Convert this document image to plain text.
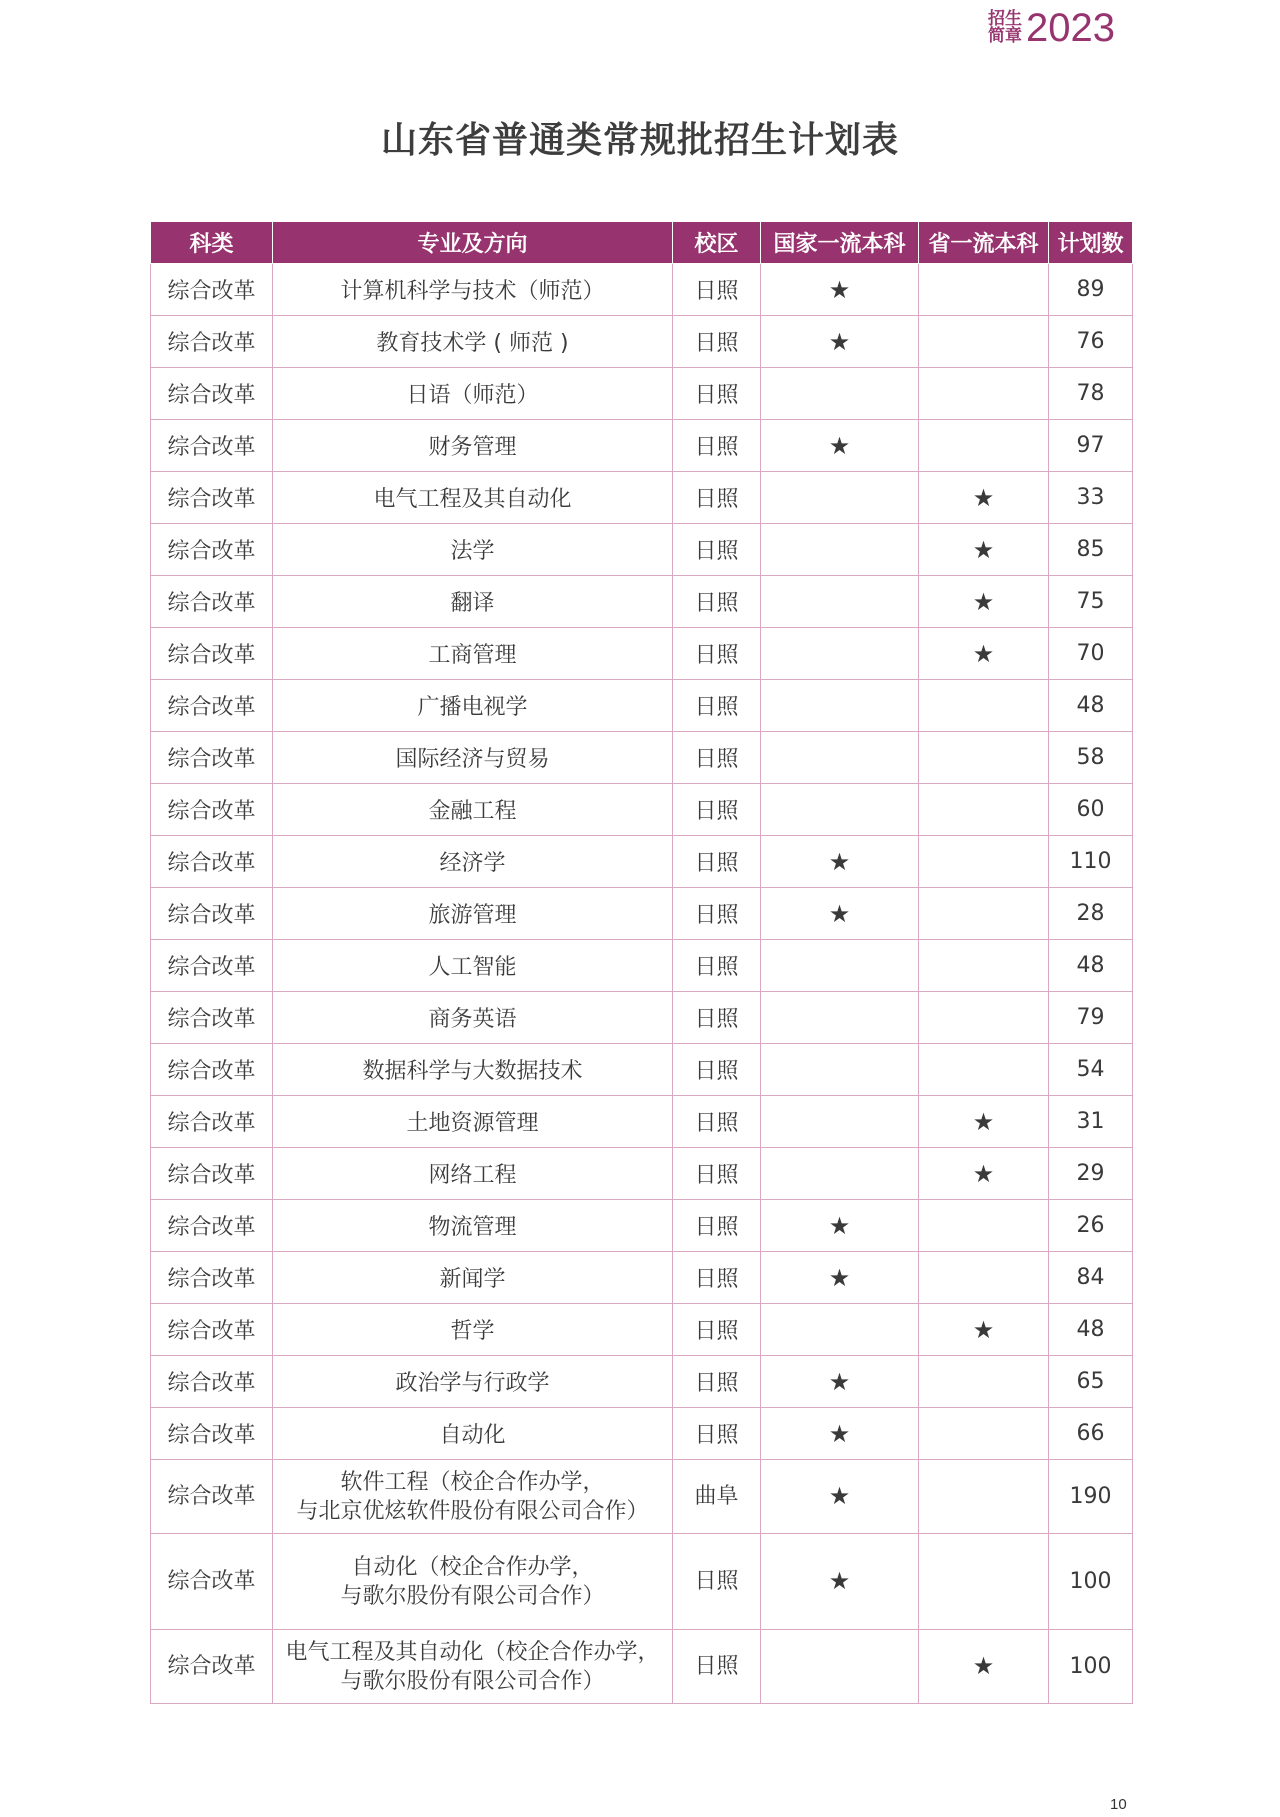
招生
简章 2023
山东省普通类常规批招生计划表
科类	专业及方向	校区	国家一流本科	省一流本科	计划数
综合改革	计算机科学与技术（师范）	日照	★		89
综合改革	教育技术学 ( 师范 )	日照	★		76
综合改革	日语（师范）	日照			78
综合改革	财务管理	日照	★		97
综合改革	电气工程及其自动化	日照		★	33
综合改革	法学	日照		★	85
综合改革	翻译	日照		★	75
综合改革	工商管理	日照		★	70
综合改革	广播电视学	日照			48
综合改革	国际经济与贸易	日照			58
综合改革	金融工程	日照			60
综合改革	经济学	日照	★		110
综合改革	旅游管理	日照	★		28
综合改革	人工智能	日照			48
综合改革	商务英语	日照			79
综合改革	数据科学与大数据技术	日照			54
综合改革	土地资源管理	日照		★	31
综合改革	网络工程	日照		★	29
综合改革	物流管理	日照	★		26
综合改革	新闻学	日照	★		84
综合改革	哲学	日照		★	48
综合改革	政治学与行政学	日照	★		65
综合改革	自动化	日照	★		66
综合改革	软件工程（校企合作办学，
与北京优炫软件股份有限公司合作）	曲阜	★		190
综合改革	自动化（校企合作办学，
与歌尔股份有限公司合作）	日照	★		100
综合改革	电气工程及其自动化（校企合作办学，
与歌尔股份有限公司合作）	日照		★	100
10
